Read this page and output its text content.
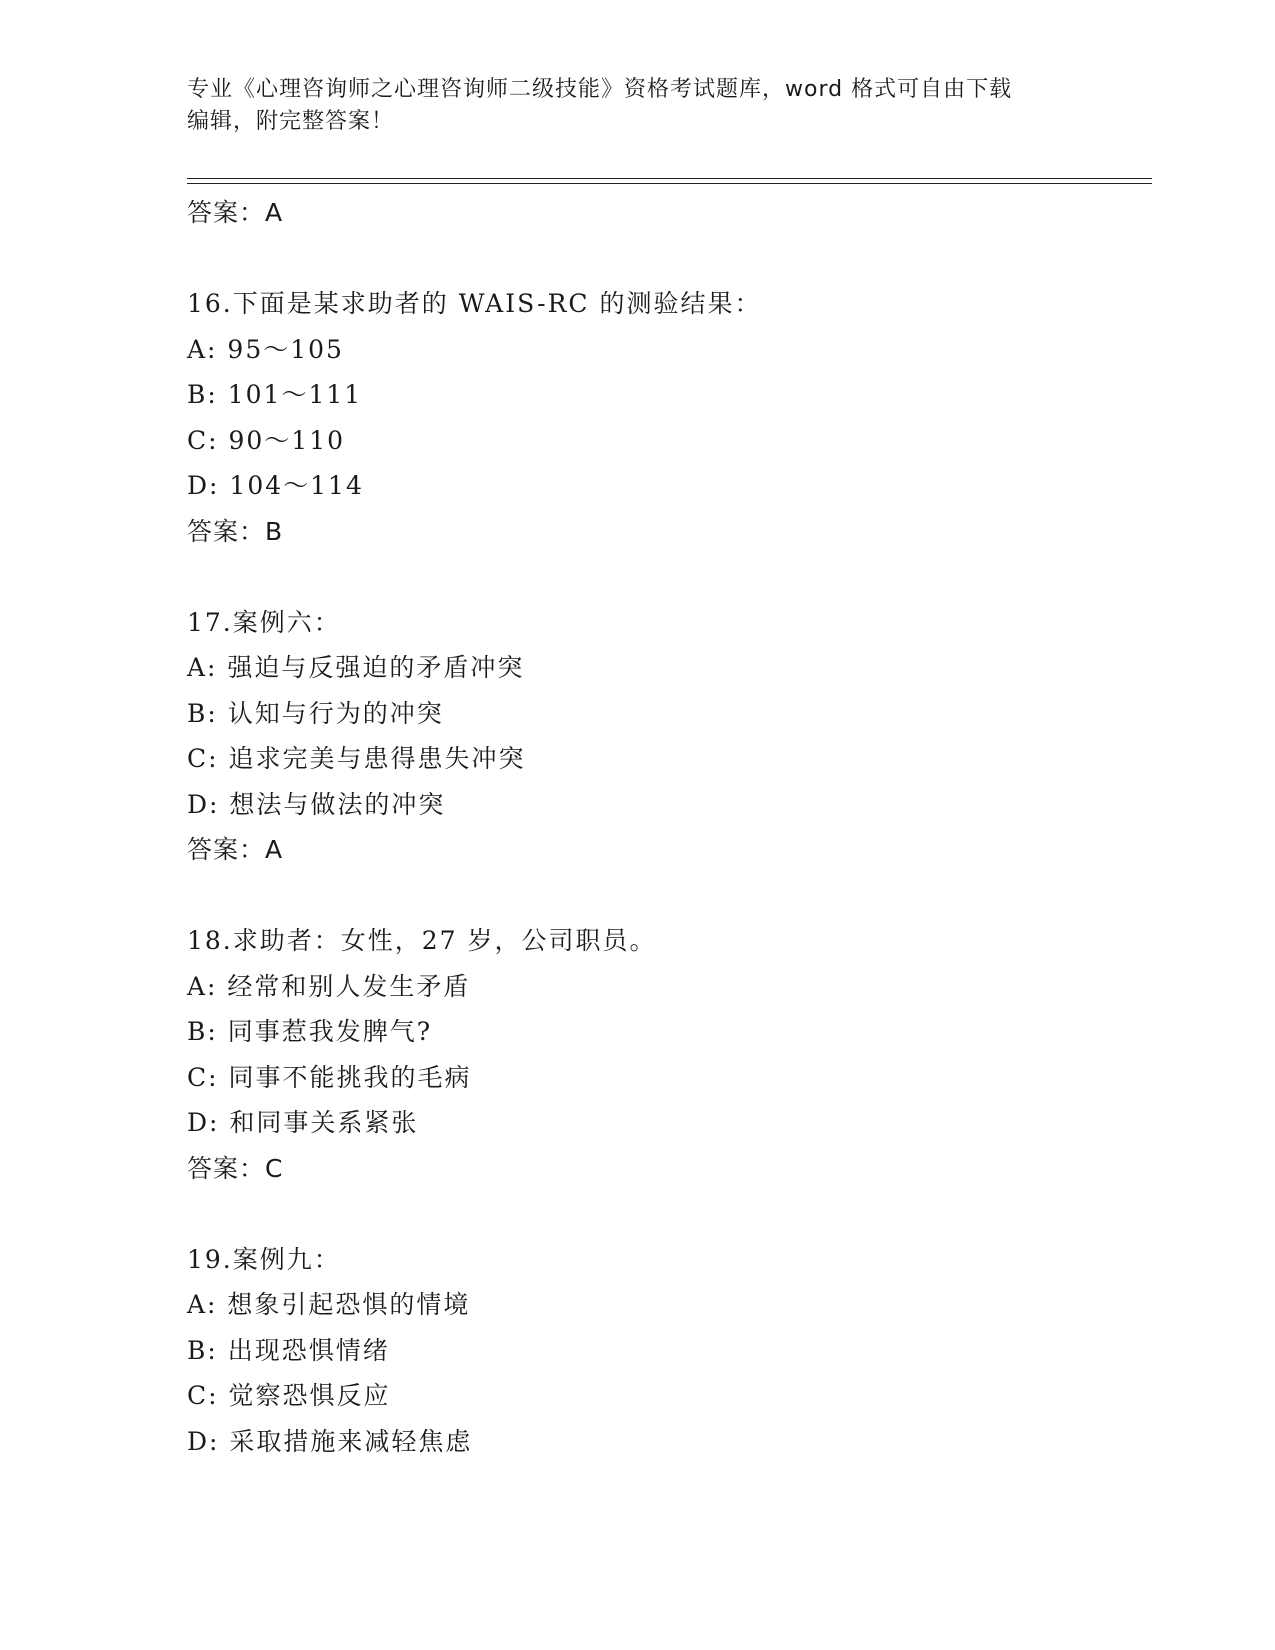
专业《心理咨询师之心理咨询师二级技能》资格考试题库，word 格式可自由下载
编辑，附完整答案！
答案：A
16.下面是某求助者的 WAIS-RC 的测验结果：
A: 95～105
B: 101～111
C: 90～110
D: 104～114
答案：B
17.案例六：
A: 强迫与反强迫的矛盾冲突
B: 认知与行为的冲突
C: 追求完美与患得患失冲突
D: 想法与做法的冲突
答案：A
18.求助者：女性，27 岁，公司职员。
A: 经常和别人发生矛盾
B: 同事惹我发脾气?
C: 同事不能挑我的毛病
D: 和同事关系紧张
答案：C
19.案例九：
A: 想象引起恐惧的情境
B: 出现恐惧情绪
C: 觉察恐惧反应
D: 采取措施来减轻焦虑
